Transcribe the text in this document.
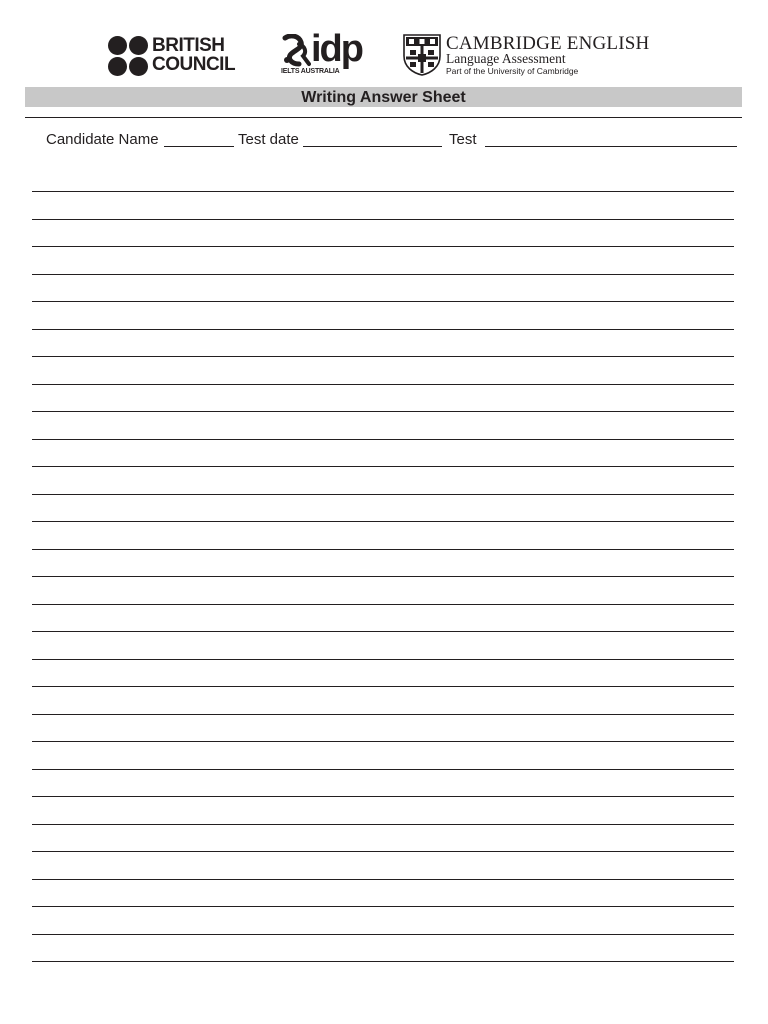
BRITISH
COUNCIL idp
IELTS AUSTRALIA
CAMBRIDGE ENGLISH
Language Assessment
Part of the University of Cambridge
Writing Answer Sheet
Candidate Name	Test date	Test
